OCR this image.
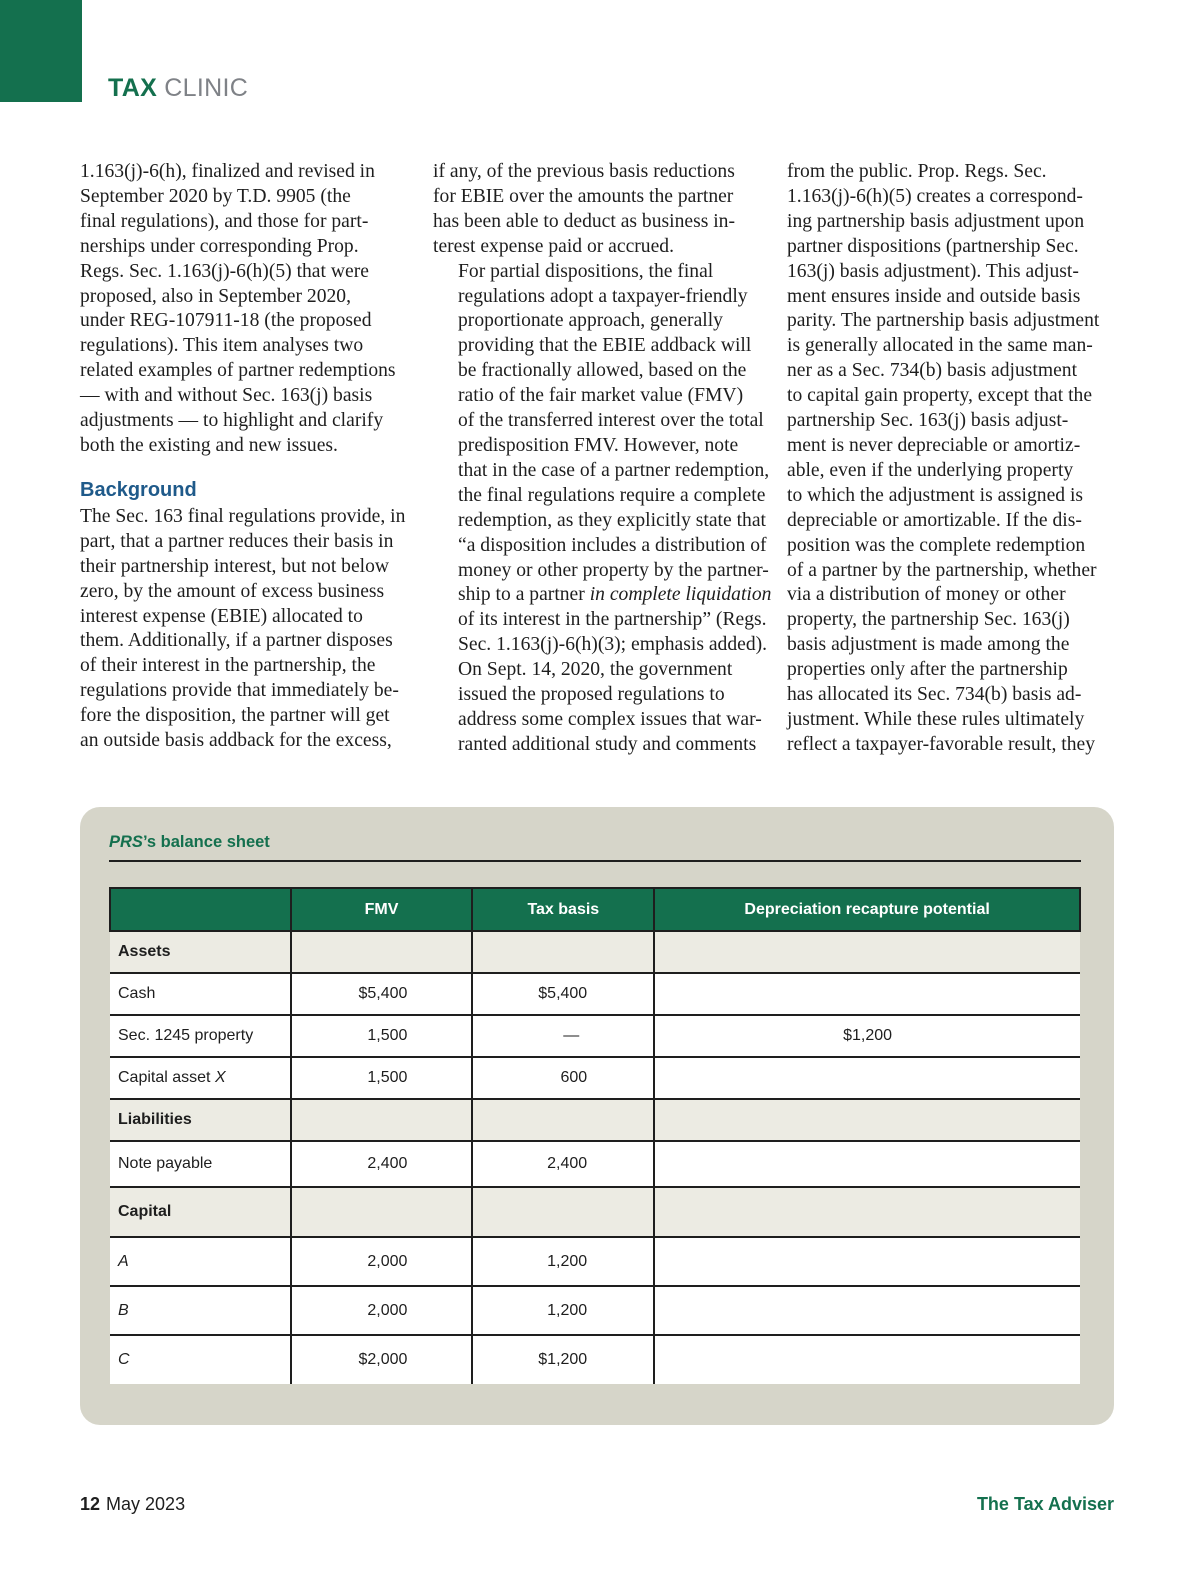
TAX CLINIC

1.163(j)-6(h), finalized and revised in
September 2020 by T.D. 9905 (the
final regulations), and those for part-
nerships under corresponding Prop.
Regs. Sec. 1.163(j)-6(h)(5) that were
proposed, also in September 2020,
under REG-107911-18 (the proposed
regulations). This item analyses two
related examples of partner redemptions
— with and without Sec. 163(j) basis
adjustments — to highlight and clarify
both the existing and new issues.

Background

The Sec. 163 final regulations provide, in
part, that a partner reduces their basis in
their partnership interest, but not below
zero, by the amount of excess business
interest expense (EBIE) allocated to
them. Additionally, if a partner disposes
of their interest in the partnership, the
regulations provide that immediately be-
fore the disposition, the partner will get
an outside basis addback for the excess,

if any, of the previous basis reductions
for EBIE over the amounts the partner
has been able to deduct as business in-
terest expense paid or accrued.

For partial dispositions, the final
regulations adopt a taxpayer-friendly
proportionate approach, generally
providing that the EBIE addback will
be fractionally allowed, based on the
ratio of the fair market value (FMV)
of the transferred interest over the total
predisposition FMV. However, note
that in the case of a partner redemption,
the final regulations require a complete
redemption, as they explicitly state that
“a disposition includes a distribution of
money or other property by the partner-
ship to a partner in complete liquidation
of its interest in the partnership” (Regs.
Sec. 1.163(j)-6(h)(3); emphasis added).

On Sept. 14, 2020, the government
issued the proposed regulations to
address some complex issues that war-
ranted additional study and comments

from the public. Prop. Regs. Sec.
1.163(j)-6(h)(5) creates a correspond-
ing partnership basis adjustment upon
partner dispositions (partnership Sec.
163(j) basis adjustment). This adjust-
ment ensures inside and outside basis
parity. The partnership basis adjustment
is generally allocated in the same man-
ner as a Sec. 734(b) basis adjustment
to capital gain property, except that the
partnership Sec. 163(j) basis adjust-
ment is never depreciable or amortiz-
able, even if the underlying property
to which the adjustment is assigned is
depreciable or amortizable. If the dis-
position was the complete redemption
of a partner by the partnership, whether
via a distribution of money or other
property, the partnership Sec. 163(j)
basis adjustment is made among the
properties only after the partnership
has allocated its Sec. 734(b) basis ad-
justment. While these rules ultimately
reflect a taxpayer-favorable result, they

PRS’s balance sheet
	FMV	Tax basis	Depreciation recapture potential
Assets			
Cash	$5,400	$5,400	
Sec. 1245 property	1,500	—	$1,200
Capital asset X	1,500	600	
Liabilities			
Note payable	2,400	2,400	
Capital			
A	2,000	1,200	
B	2,000	1,200	
C	$2,000	$1,200	
12 May 2023	The Tax Adviser
